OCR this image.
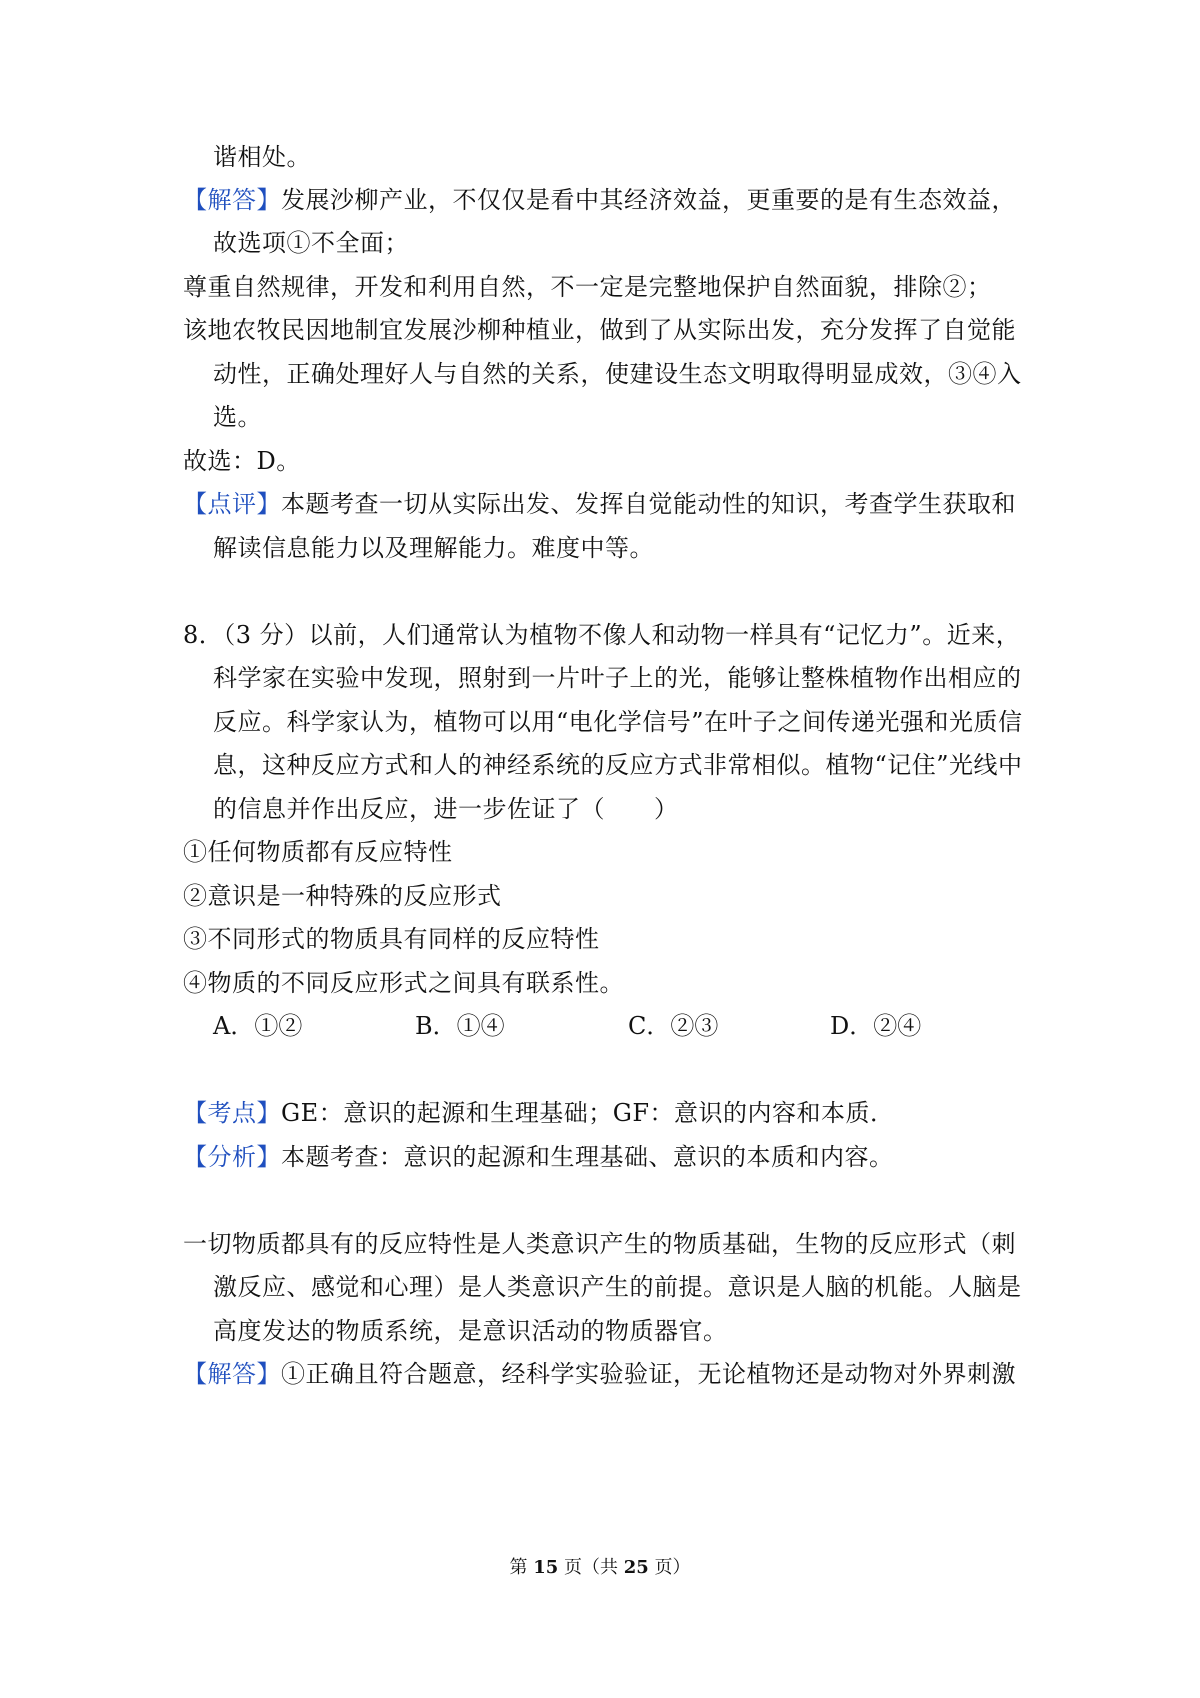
谐相处。
【解答】发展沙柳产业，不仅仅是看中其经济效益，更重要的是有生态效益，
故选项①不全面；
尊重自然规律，开发和利用自然，不一定是完整地保护自然面貌，排除②；
该地农牧民因地制宜发展沙柳种植业，做到了从实际出发，充分发挥了自觉能
动性，正确处理好人与自然的关系，使建设生态文明取得明显成效，③④入
选。
故选：D。
【点评】本题考查一切从实际出发、发挥自觉能动性的知识，考查学生获取和
解读信息能力以及理解能力。难度中等。
8．（3 分）以前，人们通常认为植物不像人和动物一样具有“记忆力”。近来，
科学家在实验中发现，照射到一片叶子上的光，能够让整株植物作出相应的
反应。科学家认为，植物可以用“电化学信号”在叶子之间传递光强和光质信
息，这种反应方式和人的神经系统的反应方式非常相似。植物“记住”光线中
的信息并作出反应，进一步佐证了（　　）
①任何物质都有反应特性
②意识是一种特殊的反应形式
③不同形式的物质具有同样的反应特性
④物质的不同反应形式之间具有联系性。
A．①②	B．①④	C．②③	D．②④
【考点】GE：意识的起源和生理基础；GF：意识的内容和本质．
【分析】本题考查：意识的起源和生理基础、意识的本质和内容。
一切物质都具有的反应特性是人类意识产生的物质基础，生物的反应形式（刺
激反应、感觉和心理）是人类意识产生的前提。意识是人脑的机能。人脑是
高度发达的物质系统，是意识活动的物质器官。
【解答】①正确且符合题意，经科学实验验证，无论植物还是动物对外界刺激
第 15 页（共 25 页）
